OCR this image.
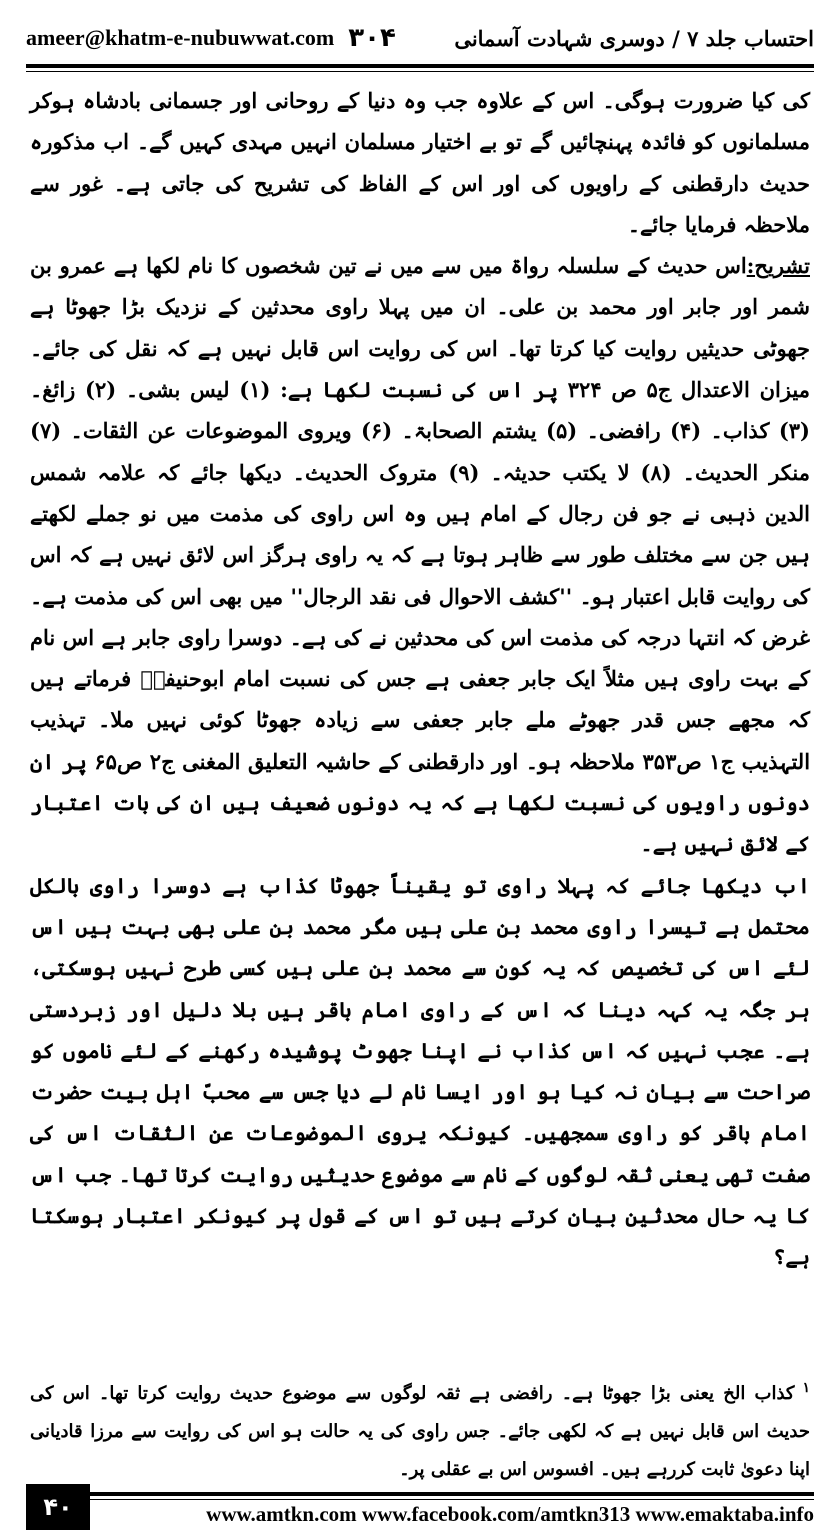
ameer@khatm-e-nubuwwat.com ۳۰۴	احتساب جلد ۷ / دوسری شہادت آسمانی

کی کیا ضرورت ہوگی۔ اس کے علاوہ جب وہ دنیا کے روحانی اور جسمانی بادشاہ ہوکر مسلمانوں کو فائدہ پہنچائیں گے تو بے اختیار مسلمان انہیں مہدی کہیں گے۔ اب مذکورہ حدیث دارقطنی کے راویوں کی اور اس کے الفاظ کی تشریح کی جاتی ہے۔ غور سے ملاحظہ فرمایا جائے۔

تشریح:اس حدیث کے سلسلہ رواۃ میں سے میں نے تین شخصوں کا نام لکھا ہے عمرو بن شمر اور جابر اور محمد بن علی۔ ان میں پہلا راوی محدثین کے نزدیک بڑا جھوٹا ہے جھوٹی حدیثیں روایت کیا کرتا تھا۔ اس کی روایت اس قابل نہیں ہے کہ نقل کی جائے۔ میزان الاعتدال ج۵ ص ۳۲۴ پر اس کی نسبت لکھا ہے: (۱) لیس بشی۔ (۲) زائغ۔ (۳) کذاب۔ (۴) رافضی۔ (۵) یشتم الصحابۃ۔ (۶) ویروی الموضوعات عن الثقات۔ (۷) منکر الحدیث۔ (۸) لا یکتب حدیثہ۔ (۹) متروک الحدیث۔ دیکھا جائے کہ علامہ شمس الدین ذہبی نے جو فن رجال کے امام ہیں وہ اس راوی کی مذمت میں نو جملے لکھتے ہیں جن سے مختلف طور سے ظاہر ہوتا ہے کہ یہ راوی ہرگز اس لائق نہیں ہے کہ اس کی روایت قابل اعتبار ہو۔ ''کشف الاحوال فی نقد الرجال'' میں بھی اس کی مذمت ہے۔ غرض کہ انتہا درجہ کی مذمت اس کی محدثین نے کی ہے۔ دوسرا راوی جابر ہے اس نام کے بہت راوی ہیں مثلاً ایک جابر جعفی ہے جس کی نسبت امام ابوحنیفہؒ فرماتے ہیں کہ مجھے جس قدر جھوٹے ملے جابر جعفی سے زیادہ جھوٹا کوئی نہیں ملا۔ تہذیب التہذیب ج۱ ص۳۵۳ ملاحظہ ہو۔ اور دارقطنی کے حاشیہ التعلیق المغنی ج۲ ص۶۵ پر ان دونوں راویوں کی نسبت لکھا ہے کہ یہ دونوں ضعیف ہیں ان کی بات اعتبار کے لائق نہیں ہے۔

اب دیکھا جائے کہ پہلا راوی تو یقیناً جھوٹا کذاب ہے دوسرا راوی بالکل محتمل ہے تیسرا راوی محمد بن علی ہیں مگر محمد بن علی بھی بہت ہیں اس لئے اس کی تخصیص کہ یہ کون سے محمد بن علی ہیں کسی طرح نہیں ہوسکتی، ہر جگہ یہ کہہ دینا کہ اس کے راوی امام باقر ہیں بلا دلیل اور زبردستی ہے۔ عجب نہیں کہ اس کذاب نے اپنا جھوٹ پوشیدہ رکھنے کے لئے ناموں کو صراحت سے بیان نہ کیا ہو اور ایسا نام لے دیا جس سے محبّ اہل بیت حضرت امام باقر کو راوی سمجھیں۔ کیونکہ یروی الموضوعات عن الثقات اس کی صفت تھی یعنی ثقہ لوگوں کے نام سے موضوع حدیثیں روایت کرتا تھا۔ جب اس کا یہ حال محدثین بیان کرتے ہیں تو اس کے قول پر کیونکر اعتبار ہوسکتا ہے؟

$^۱$کذاب الخ یعنی بڑا جھوٹا ہے۔ رافضی ہے ثقہ لوگوں سے موضوع حدیث روایت کرتا تھا۔ اس کی حدیث اس قابل نہیں ہے کہ لکھی جائے۔ جس راوی کی یہ حالت ہو اس کی روایت سے مرزا قادیانی اپنا دعویٰ ثابت کررہے ہیں۔ افسوس اس بے عقلی پر۔
۴۰	www.amtkn.com www.facebook.com/amtkn313 www.emaktaba.info
